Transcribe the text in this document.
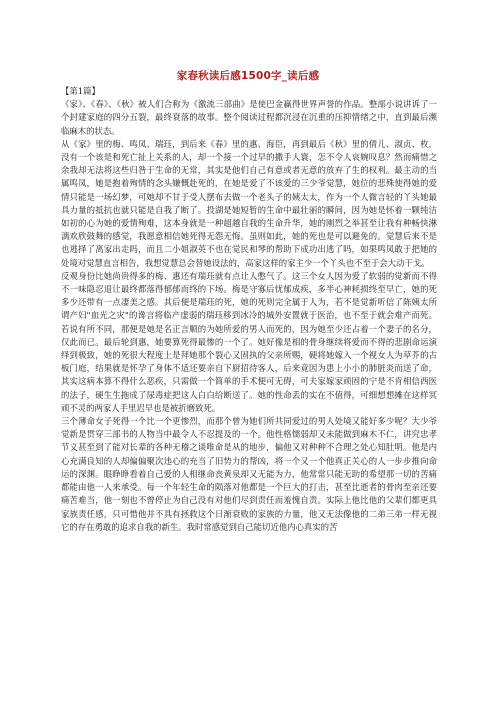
家春秋读后感1500字_读后感

【第1篇】

《家》、《春》、《秋》被人们合称为《激流三部曲》是使巴金赢得世界声誉的作品。整部小说讲诉了一个封建家庭的四分五裂，最终衰落的故事。整个阅读过程都沉浸在沉重的压抑情绪之中，直到最后濒临麻木的状态。

从《家》里的梅、鸣凤、瑞珏，到后来《春》里的惠、海臣，再到最后《秋》里的倩儿、淑贞、枚，没有一个该是和死亡扯上关系的人，却一个接一个过早的撒手人寰，怎不令人哀婉叹息？然而痛惜之余我却无法将这些归咎于生命的无常，其实是他们自己有意或者无意的放弃了生的权利。最主动的当属鸣凤，她是抱着殉情的念头嫌慨赴死的，在她是爱了不该爱的三少爷觉慧，她位的悲殊使得她的爱情只能是一场幻梦，可她却不甘于受人摆布去做一个老头子的姨太太，作为一个人微言轻的丫头她最具力量的抵抗也就只能是自我了断了。投湖是她短暂的生命中最壮丽的瞬间，因为她是怀着一颗纯洁如初的心为她的爱情殉难，这本身就是一种超越自我的生命升华，她的刚烈之举甚至让我有种畅快淋漓欢欣鼓舞的感觉，我愿意相信她死得无怨无悔。虽则如此，她的死也是可以避免的。觉慧后来不是也逃择了离家出走吗，而且二小姐淑英不也在觉民和琴的帮助下成功出逃了吗，如果鸣凤敢于把她的处境对觉慧直言相告，我想觉慧总会替她设法的，高家这样的家主少一个丫头也不至于会大动干戈。

反观身份比她尚贵得多的梅、惠还有瑞珏就有点让人憋气了。这三个女人因为爱了软弱的觉新而不得不一味隐忍退让最终都落得郁郁而终的下场。梅是守寡后忧郁成疾，多半心神耗损终至早亡，她的死多少还带有一点凄美之感。其后便是瑞珏的死，她的死则完全属于人为，若不是觉新听信了陈姨太所谓产妇"血光之灾"的谗言将临产虚弱的瑞珏移到冰冷的城外安置就于医治，也不至于就会难产而死。若说有所不同，那便是她是名正言顺的为她所爱的男人而死的，因为她至少还占着一个妻子的名分，仅此而已。最后轮到惠，她要算死得最惨的一个了。她好像是相的骨身继续将爱而不得的悲剧命运演绎到极致，她的死很大程度上是拜她那个裂心又固执的父亲所赐，硬将她嫁入一个视女人为草芥的古板门庭，结果就是怀孕了身体不适还要亲自下厨招待客人，后来竟因为患上小小的肺脏炎而送了命，其实这病本算不得什么恶疾，只需做一个简单的手术便可无碍，可夫家嫁家顽固的宁是不肯相信西医的法子，硬生生拖成了尿毒症把这人白白给断送了。她的性命丢的实在不值得，可细想想摊在这样冥顽不灵的两家人手里迟早也是被折磨致死。

三个薄命女子死得一个比一个更惨烈，而那个曾为她们所共同爱过的男人处境又能好多少呢？大少爷觉新是贯穿三部书的人物当中最令人不忍提及的一个。他性格懦弱却又未能做到麻木不仁，讲究忠孝节义甚至到了能对长辈的各种无稽之谈唯命是从的地步，偏他又对种种不合理之处心知肚明。他是内心充满良知的人却偏偏聚次违心的充当了旧势力的帮凶，将一个又一个他真正关心的人一步步推向命运的深渊。眼睁睁看着自己爱的人相继命丧黄泉却又无能为力，他常常只能无助的希望那一切的苦痛都能由他一人来承受。每一个年轻生命的陨落对他都是一个巨大的打击，甚至比逝者的骨肉至亲还要痛苦难当，他一刻也不曾停止为自己没有对他们尽到责任而羞愧自责。实际上他比他的父辈们都更具家族责任感，只可惜他并不具有拯救这个日渐衰败的家族的力量，他又无法像他的二弟三弟一样无视它的存在勇敢的追求自我的新生。我时常感觉到自己能切近他内心真实的苦
